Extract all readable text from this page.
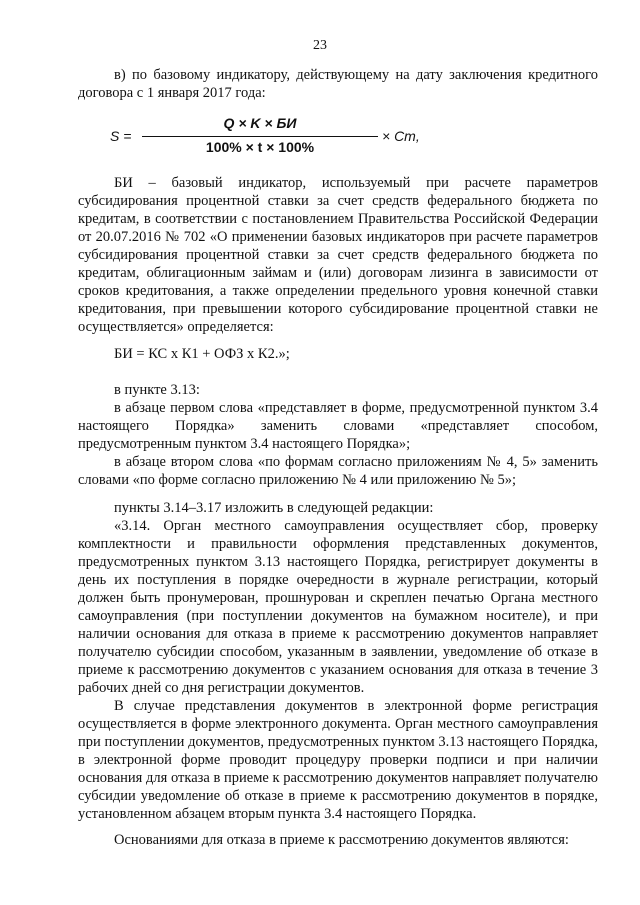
23
в) по базовому индикатору, действующему на дату заключения кредитного договора с 1 января 2017 года:
S =
Q × K × БИ
100% × t × 100%
× Cm,
БИ – базовый индикатор, используемый при расчете параметров субсидирования процентной ставки за счет средств федерального бюджета по кредитам, в соответствии с постановлением Правительства Российской Федерации от 20.07.2016 № 702 «О применении базовых индикаторов при расчете параметров субсидирования процентной ставки за счет средств федерального бюджета по кредитам, облигационным займам и (или) договорам лизинга в зависимости от сроков кредитования, а также определении предельного уровня конечной ставки кредитования, при превышении которого субсидирование процентной ставки не осуществляется» определяется:
БИ = КС х К1 + ОФЗ х К2.»;
в пункте 3.13:
в абзаце первом слова «представляет в форме, предусмотренной пунктом 3.4 настоящего Порядка» заменить словами «представляет способом, предусмотренным пунктом 3.4 настоящего Порядка»;
в абзаце втором слова «по формам согласно приложениям № 4, 5» заменить словами «по форме согласно приложению № 4 или приложению № 5»;
пункты 3.14–3.17 изложить в следующей редакции:
«3.14. Орган местного самоуправления осуществляет сбор, проверку комплектности и правильности оформления представленных документов, предусмотренных пунктом 3.13 настоящего Порядка, регистрирует документы в день их поступления в порядке очередности в журнале регистрации, который должен быть пронумерован, прошнурован и скреплен печатью Органа местного самоуправления (при поступлении документов на бумажном носителе), и при наличии основания для отказа в приеме к рассмотрению документов направляет получателю субсидии способом, указанным в заявлении, уведомление об отказе в приеме к рассмотрению документов с указанием основания для отказа в течение 3 рабочих дней со дня регистрации документов.
В случае представления документов в электронной форме регистрация осуществляется в форме электронного документа. Орган местного самоуправления при поступлении документов, предусмотренных пунктом 3.13 настоящего Порядка, в электронной форме проводит процедуру проверки подписи и при наличии основания для отказа в приеме к рассмотрению документов направляет получателю субсидии уведомление об отказе в приеме к рассмотрению документов в порядке, установленном абзацем вторым пункта 3.4 настоящего Порядка.
Основаниями для отказа в приеме к рассмотрению документов являются:
